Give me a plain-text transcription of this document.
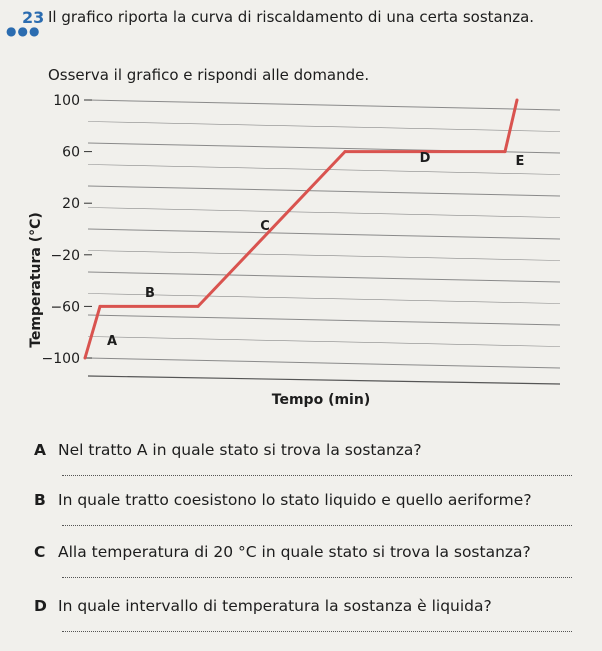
23
●●●
Il grafico riporta la curva di riscaldamento di una certa sostanza.
Osserva il grafico e rispondi alle domande.
100
60
20
−20
−60
−100
Temperatura (°C)	A
B
C
D	E
Tempo (min)
A Nel tratto A in quale stato si trova la sostanza?
B In quale tratto coesistono lo stato liquido e quello aeriforme?
C Alla temperatura di 20 °C in quale stato si trova la sostanza?
D In quale intervallo di temperatura la sostanza è liquida?
